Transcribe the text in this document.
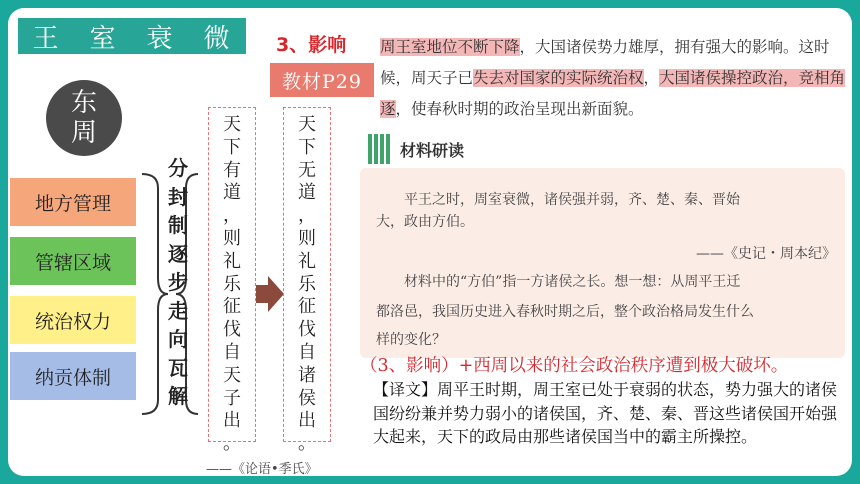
王 室 衰 微
东
周
地方管理
管辖区域
统治权力
纳贡体制
分
封
制
逐
步
走
向
瓦
解
天
下
有
道
，
则
礼
乐
征
伐
自
天
子
出
。
天
下
无
道
，
则
礼
乐
征
伐
自
诸
侯
出
。
——《论语•季氏》
3、影响
教材P29
周王室地位不断下降，大国诸侯势力雄厚，拥有强大的影响。这时候，周天子已失去对国家的实际统治权，大国诸侯操控政治，竞相角逐，使春秋时期的政治呈现出新面貌。
材料研读
平王之时，周室衰微，诸侯强并弱，齐、楚、秦、晋始
大，政由方伯。
——《史记・周本纪》
材料中的“方伯”指一方诸侯之长。想一想：从周平王迁
都洛邑，我国历史进入春秋时期之后，整个政治格局发生什么
样的变化？
（3、影响）+西周以来的社会政治秩序遭到极大破坏。
【译文】周平王时期，周王室已处于衰弱的状态，势力强大的诸侯国纷纷兼并势力弱小的诸侯国，齐、楚、秦、晋这些诸侯国开始强大起来，天下的政局由那些诸侯国当中的霸主所操控。
